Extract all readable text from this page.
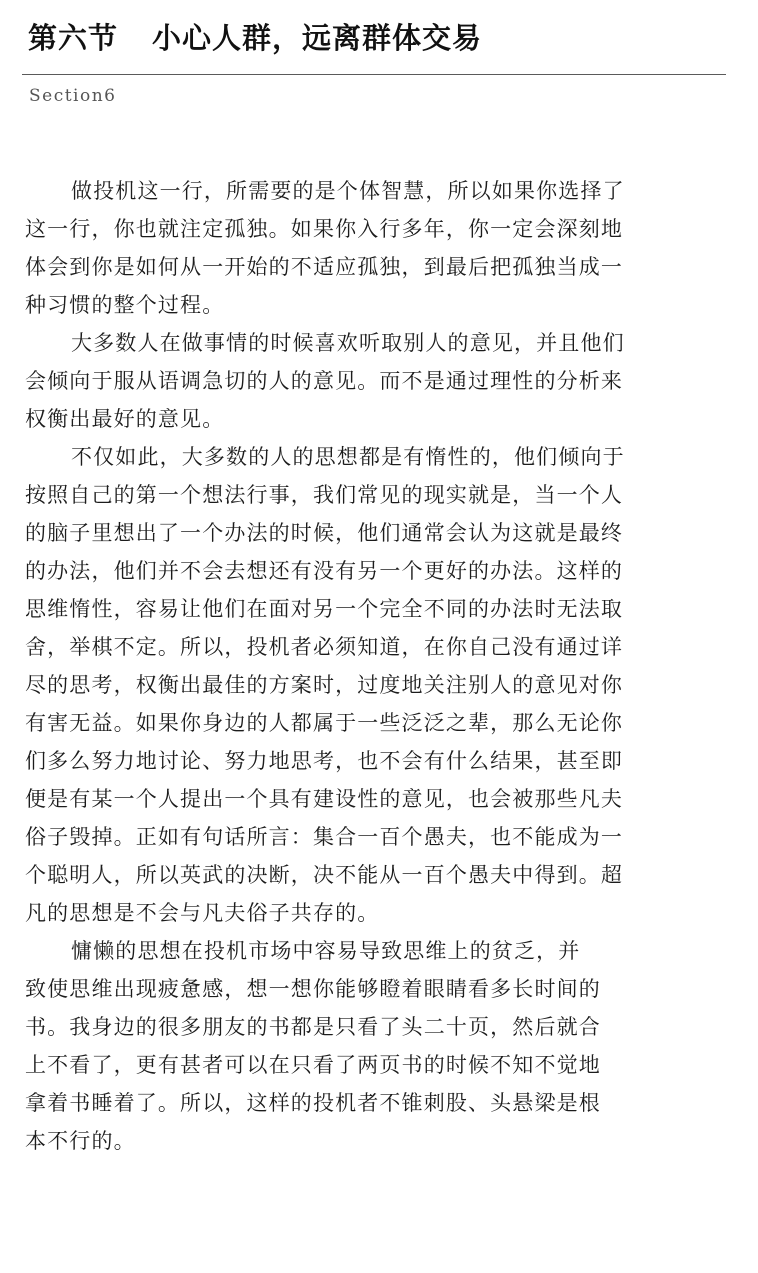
第六节 小心人群，远离群体交易
Section6

做投机这一行，所需要的是个体智慧，所以如果你选择了
这一行，你也就注定孤独。如果你入行多年，你一定会深刻地
体会到你是如何从一开始的不适应孤独，到最后把孤独当成一
种习惯的整个过程。

大多数人在做事情的时候喜欢听取别人的意见，并且他们
会倾向于服从语调急切的人的意见。而不是通过理性的分析来
权衡出最好的意见。

不仅如此，大多数的人的思想都是有惰性的，他们倾向于
按照自己的第一个想法行事，我们常见的现实就是，当一个人
的脑子里想出了一个办法的时候，他们通常会认为这就是最终
的办法，他们并不会去想还有没有另一个更好的办法。这样的
思维惰性，容易让他们在面对另一个完全不同的办法时无法取
舍，举棋不定。所以，投机者必须知道，在你自己没有通过详
尽的思考，权衡出最佳的方案时，过度地关注别人的意见对你
有害无益。如果你身边的人都属于一些泛泛之辈，那么无论你
们多么努力地讨论、努力地思考，也不会有什么结果，甚至即
便是有某一个人提出一个具有建设性的意见，也会被那些凡夫
俗子毁掉。正如有句话所言：集合一百个愚夫，也不能成为一
个聪明人，所以英武的决断，决不能从一百个愚夫中得到。超
凡的思想是不会与凡夫俗子共存的。

慵懒的思想在投机市场中容易导致思维上的贫乏，并
致使思维出现疲惫感，想一想你能够瞪着眼睛看多长时间的
书。我身边的很多朋友的书都是只看了头二十页，然后就合
上不看了，更有甚者可以在只看了两页书的时候不知不觉地
拿着书睡着了。所以，这样的投机者不锥刺股、头悬梁是根
本不行的。
